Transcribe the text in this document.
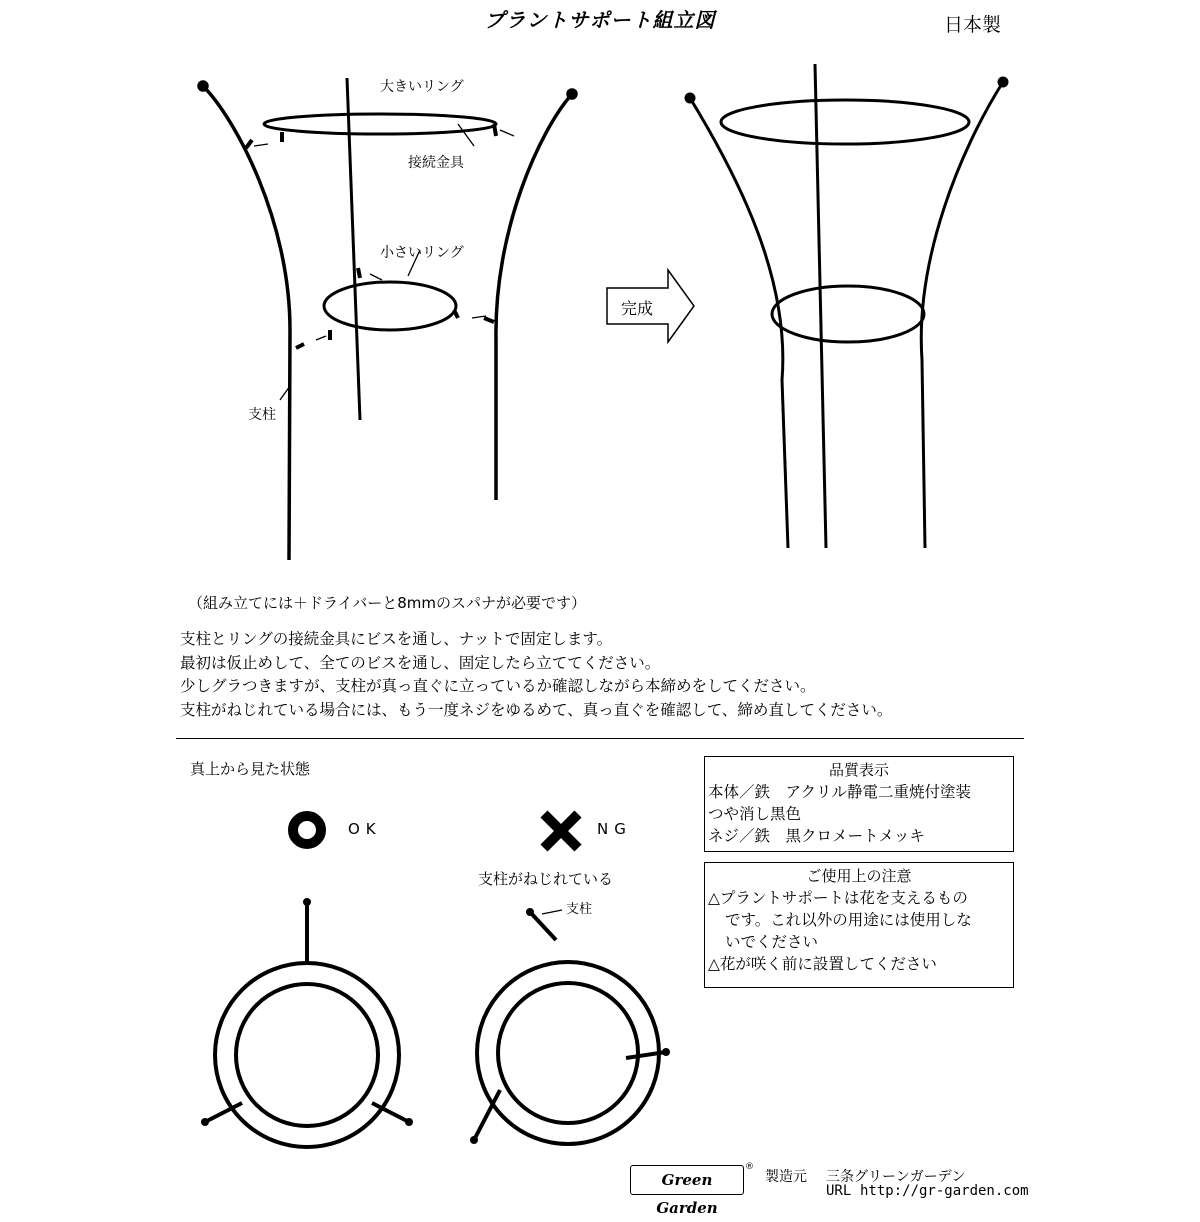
プラントサポート組立図	日本製
大きいリング
接続金具
小さいリング
支柱
完成
（組み立てには＋ドライバーと8mmのスパナが必要です）
支柱とリングの接続金具にビスを通し、ナットで固定します。
最初は仮止めして、全てのビスを通し、固定したら立ててください。
少しグラつきますが、支柱が真っ直ぐに立っているか確認しながら本締めをしてください。
支柱がねじれている場合には、もう一度ネジをゆるめて、真っ直ぐを確認して、締め直してください。
真上から見た状態
OK	NG
支柱がねじれている
支柱
品質表示
本体／鉄　アクリル静電二重焼付塗装
つや消し黒色
ネジ／鉄　黒クロメートメッキ
ご使用上の注意
△プラントサポートは花を支えるもの
です。これ以外の用途には使用しな
いでください
△花が咲く前に設置してください
Green Garden
®
製造元 三条グリーンガーデン
URL http://gr-garden.com
